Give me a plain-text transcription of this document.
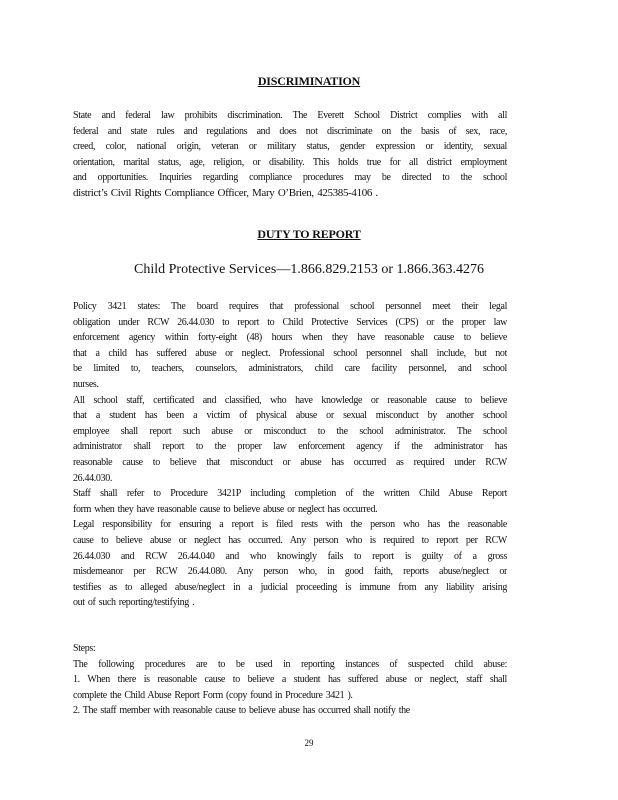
DISCRIMINATION
State and federal law prohibits discrimination. The Everett School District complies with all
federal and state rules and regulations and does not discriminate on the basis of sex, race,
creed, color, national origin, veteran or military status, gender expression or identity, sexual
orientation, marital status, age, religion, or disability. This holds true for all district employment
and opportunities. Inquiries regarding compliance procedures may be directed to the school
district’s Civil Rights Compliance Officer, Mary O’Brien, 425385-4106 .
DUTY TO REPORT
Child Protective Services—1.866.829.2153 or 1.866.363.4276
Policy 3421 states: The board requires that professional school personnel meet their legal
obligation under RCW 26.44.030 to report to Child Protective Services (CPS) or the proper law
enforcement agency within forty-eight (48) hours when they have reasonable cause to believe
that a child has suffered abuse or neglect. Professional school personnel shall include, but not
be limited to, teachers, counselors, administrators, child care facility personnel, and school
nurses.
All school staff, certificated and classified, who have knowledge or reasonable cause to believe
that a student has been a victim of physical abuse or sexual misconduct by another school
employee shall report such abuse or misconduct to the school administrator. The school
administrator shall report to the proper law enforcement agency if the administrator has
reasonable cause to believe that misconduct or abuse has occurred as required under RCW
26.44.030.
Staff shall refer to Procedure 3421P including completion of the written Child Abuse Report
form when they have reasonable cause to believe abuse or neglect has occurred.
Legal responsibility for ensuring a report is filed rests with the person who has the reasonable
cause to believe abuse or neglect has occurred. Any person who is required to report per RCW
26.44.030 and RCW 26.44.040 and who knowingly fails to report is guilty of a gross
misdemeanor per RCW 26.44.080. Any person who, in good faith, reports abuse/neglect or
testifies as to alleged abuse/neglect in a judicial proceeding is immune from any liability arising
out of such reporting/testifying .
Steps:
The following procedures are to be used in reporting instances of suspected child abuse:
1. When there is reasonable cause to believe a student has suffered abuse or neglect, staff shall
complete the Child Abuse Report Form (copy found in Procedure 3421 ).
2. The staff member with reasonable cause to believe abuse has occurred shall notify the
29
